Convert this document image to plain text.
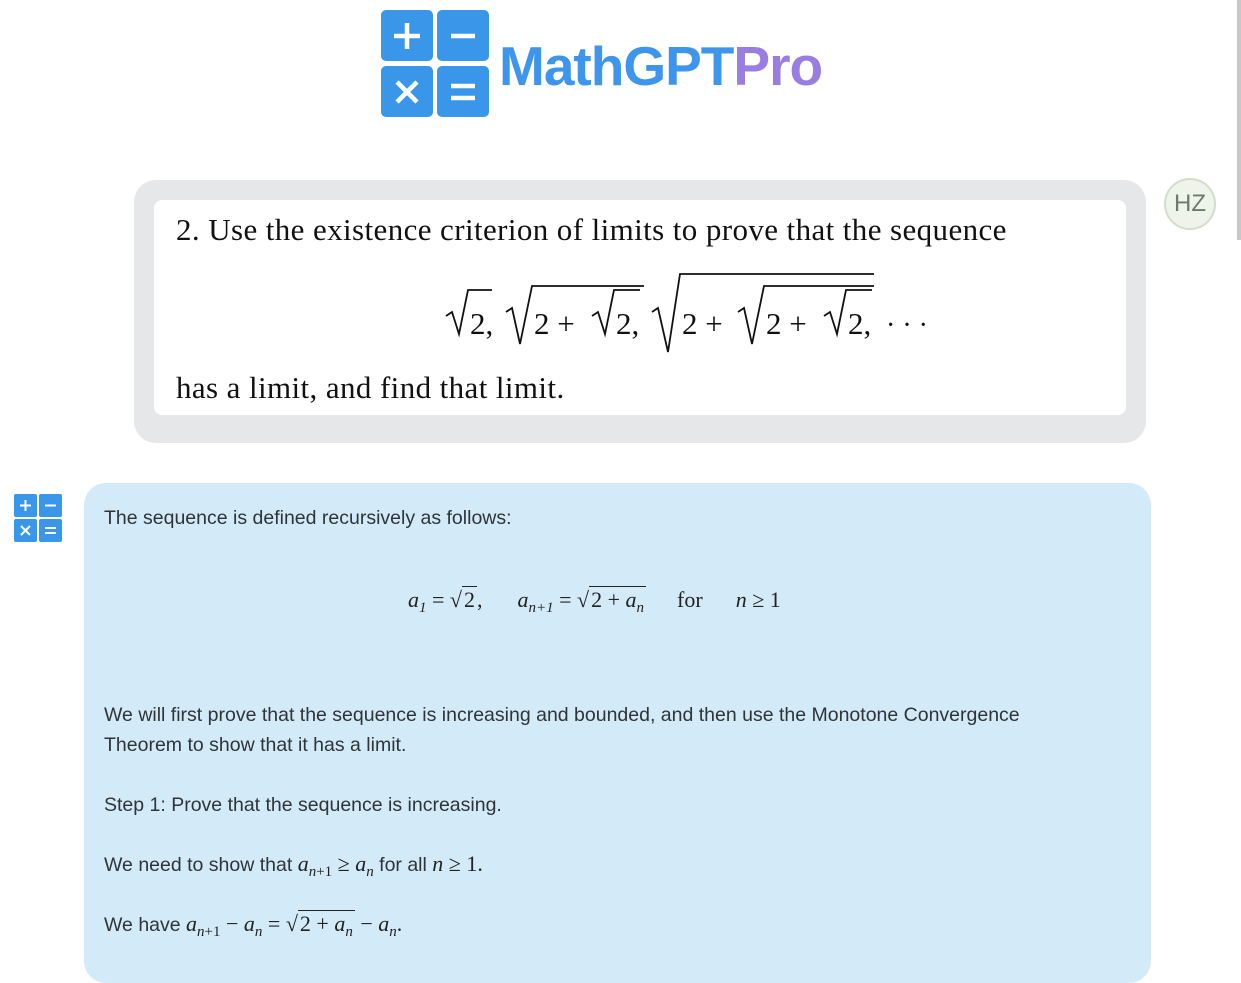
MathGPTPro
HZ
2. Use the existence criterion of limits to prove that the sequence
2, 2 + 2, 2 + 2 + 2, · · ·
has a limit, and find that limit.
The sequence is defined recursively as follows:
$a_1 = √2$, $a_{n+1} = √2 + a_n$ for n ≥ 1
We will first prove that the sequence is increasing and bounded, and then use the Monotone Convergence
Theorem to show that it has a limit.
Step 1: Prove that the sequence is increasing.
We need to show that $a_{n+1} \ge a_n$ for all n ≥ 1.
We have $a_{n+1} - a_n = √2 + a_n - a_n$.
